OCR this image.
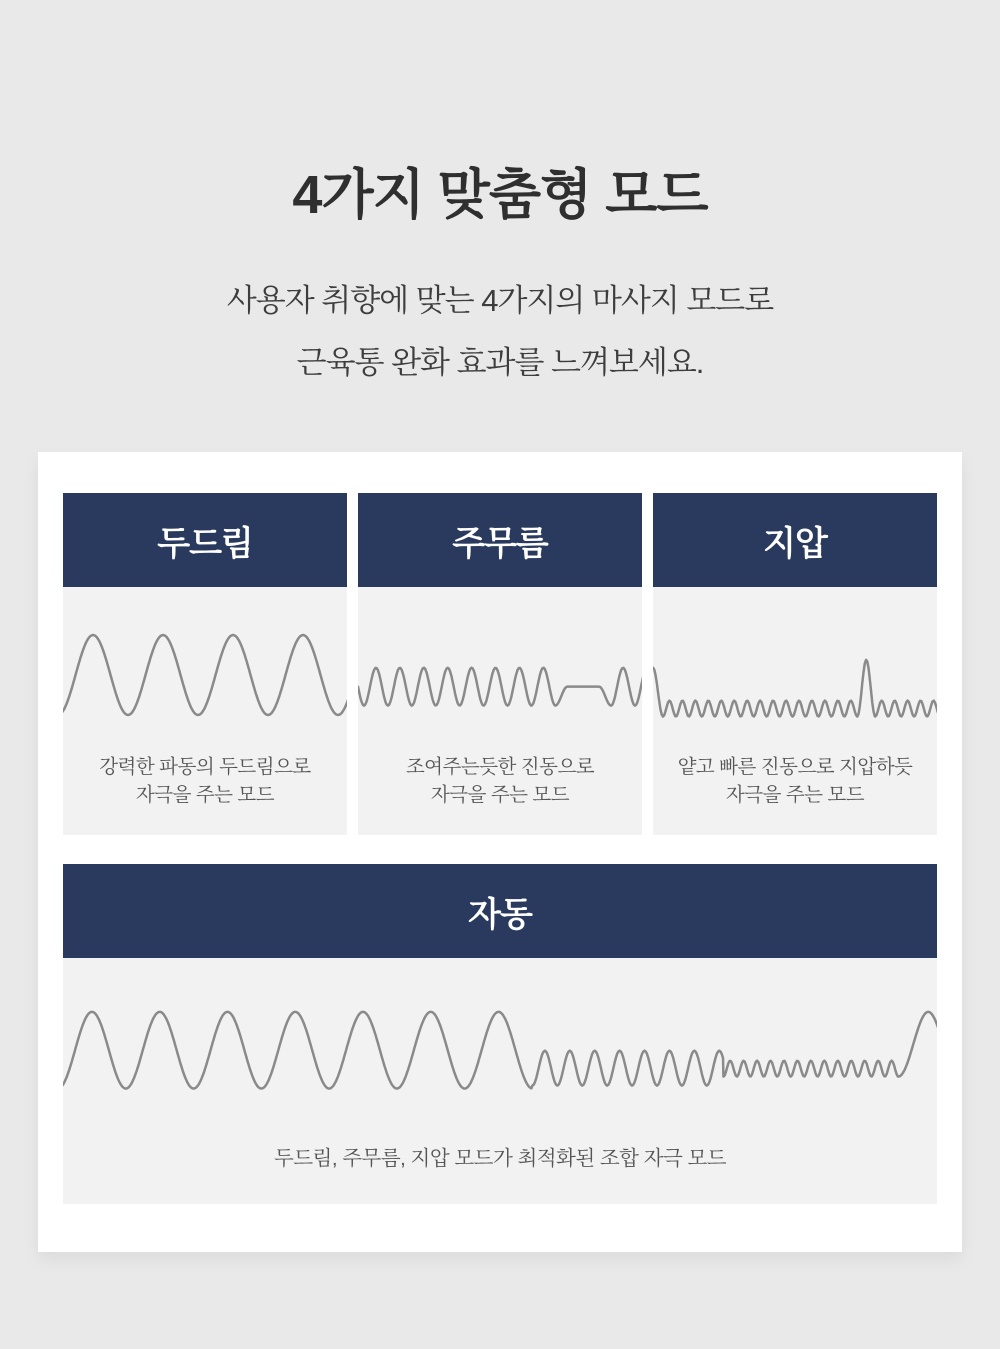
4가지 맞춤형 모드
사용자 취향에 맞는 4가지의 마사지 모드로
근육통 완화 효과를 느껴보세요.
두드림
강력한 파동의 두드림으로
자극을 주는 모드
주무름
조여주는듯한 진동으로
자극을 주는 모드
지압
얕고 빠른 진동으로 지압하듯
자극을 주는 모드
자동
두드림, 주무름, 지압 모드가 최적화된 조합 자극 모드
